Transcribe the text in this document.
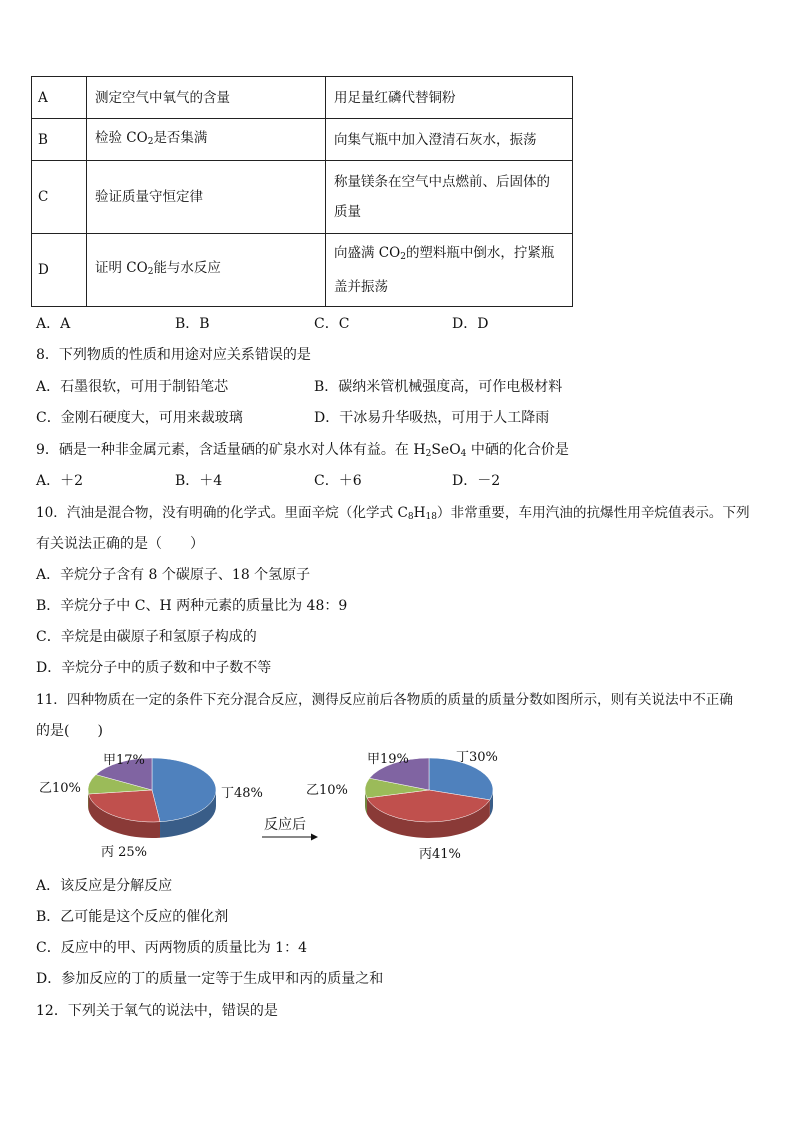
A	测定空气中氧气的含量	用足量红磷代替铜粉
B	检验 $CO_2$是否集满	向集气瓶中加入澄清石灰水，振荡
C	验证质量守恒定律	称量镁条在空气中点燃前、后固体的
质量

D	证明 $CO_2$能与水反应	向盛满 $CO_2$的塑料瓶中倒水，拧紧瓶
盖并振荡
A．A	B．B	C．C	D．D
8．下列物质的性质和用途对应关系错误的是
A．石墨很软，可用于制铅笔芯	B．碳纳米管机械强度高，可作电极材料
C．金刚石硬度大，可用来裁玻璃	D．干冰易升华吸热，可用于人工降雨
9．硒是一种非金属元素，含适量硒的矿泉水对人体有益。在 $H_2SeO_4$ 中硒的化合价是
A．＋2	B．＋4	C．＋6	D．－2
10．汽油是混合物，没有明确的化学式。里面辛烷（化学式 $C_8H_{18}$）非常重要，车用汽油的抗爆性用辛烷值表示。下列
有关说法正确的是（　　）
A．辛烷分子含有 8 个碳原子、18 个氢原子
B．辛烷分子中 C、H 两种元素的质量比为 48：9
C．辛烷是由碳原子和氢原子构成的
D．辛烷分子中的质子数和中子数不等
11．四种物质在一定的条件下充分混合反应，测得反应前后各物质的质量的质量分数如图所示，则有关说法中不正确
的是(　　)
甲17%
丁48%
丙 25%
乙10%
甲19%	丁30%
丙41%
乙10%
反应后
A．该反应是分解反应
B．乙可能是这个反应的催化剂
C．反应中的甲、丙两物质的质量比为 1：4
D．参加反应的丁的质量一定等于生成甲和丙的质量之和
12．下列关于氧气的说法中，错误的是
